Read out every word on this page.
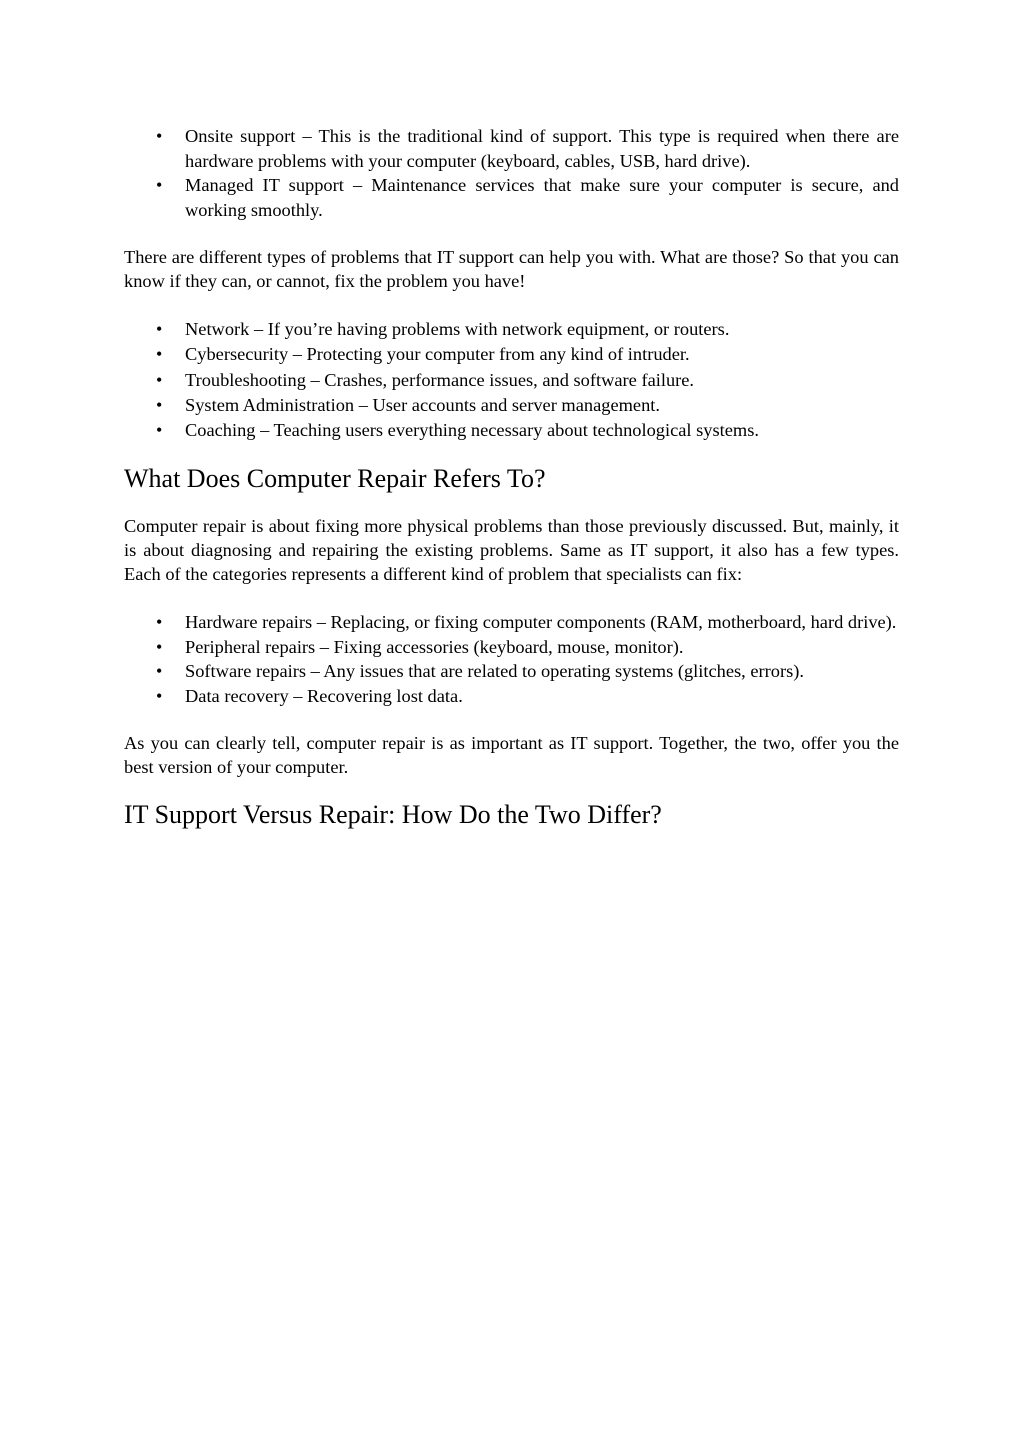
• Onsite support – This is the traditional kind of support. This type is required when there are hardware problems with your computer (keyboard, cables, USB, hard drive).
• Managed IT support – Maintenance services that make sure your computer is secure, and working smoothly.

There are different types of problems that IT support can help you with. What are those? So that you can know if they can, or cannot, fix the problem you have!

• Network – If you’re having problems with network equipment, or routers.
• Cybersecurity – Protecting your computer from any kind of intruder.
• Troubleshooting – Crashes, performance issues, and software failure.
• System Administration – User accounts and server management.
• Coaching – Teaching users everything necessary about technological systems.
What Does Computer Repair Refers To?

Computer repair is about fixing more physical problems than those previously discussed. But, mainly, it is about diagnosing and repairing the existing problems. Same as IT support, it also has a few types. Each of the categories represents a different kind of problem that specialists can fix:

• Hardware repairs – Replacing, or fixing computer components (RAM, motherboard, hard drive).
• Peripheral repairs – Fixing accessories (keyboard, mouse, monitor).
• Software repairs – Any issues that are related to operating systems (glitches, errors).
• Data recovery – Recovering lost data.

As you can clearly tell, computer repair is as important as IT support. Together, the two, offer you the best version of your computer.

IT Support Versus Repair: How Do the Two Differ?
